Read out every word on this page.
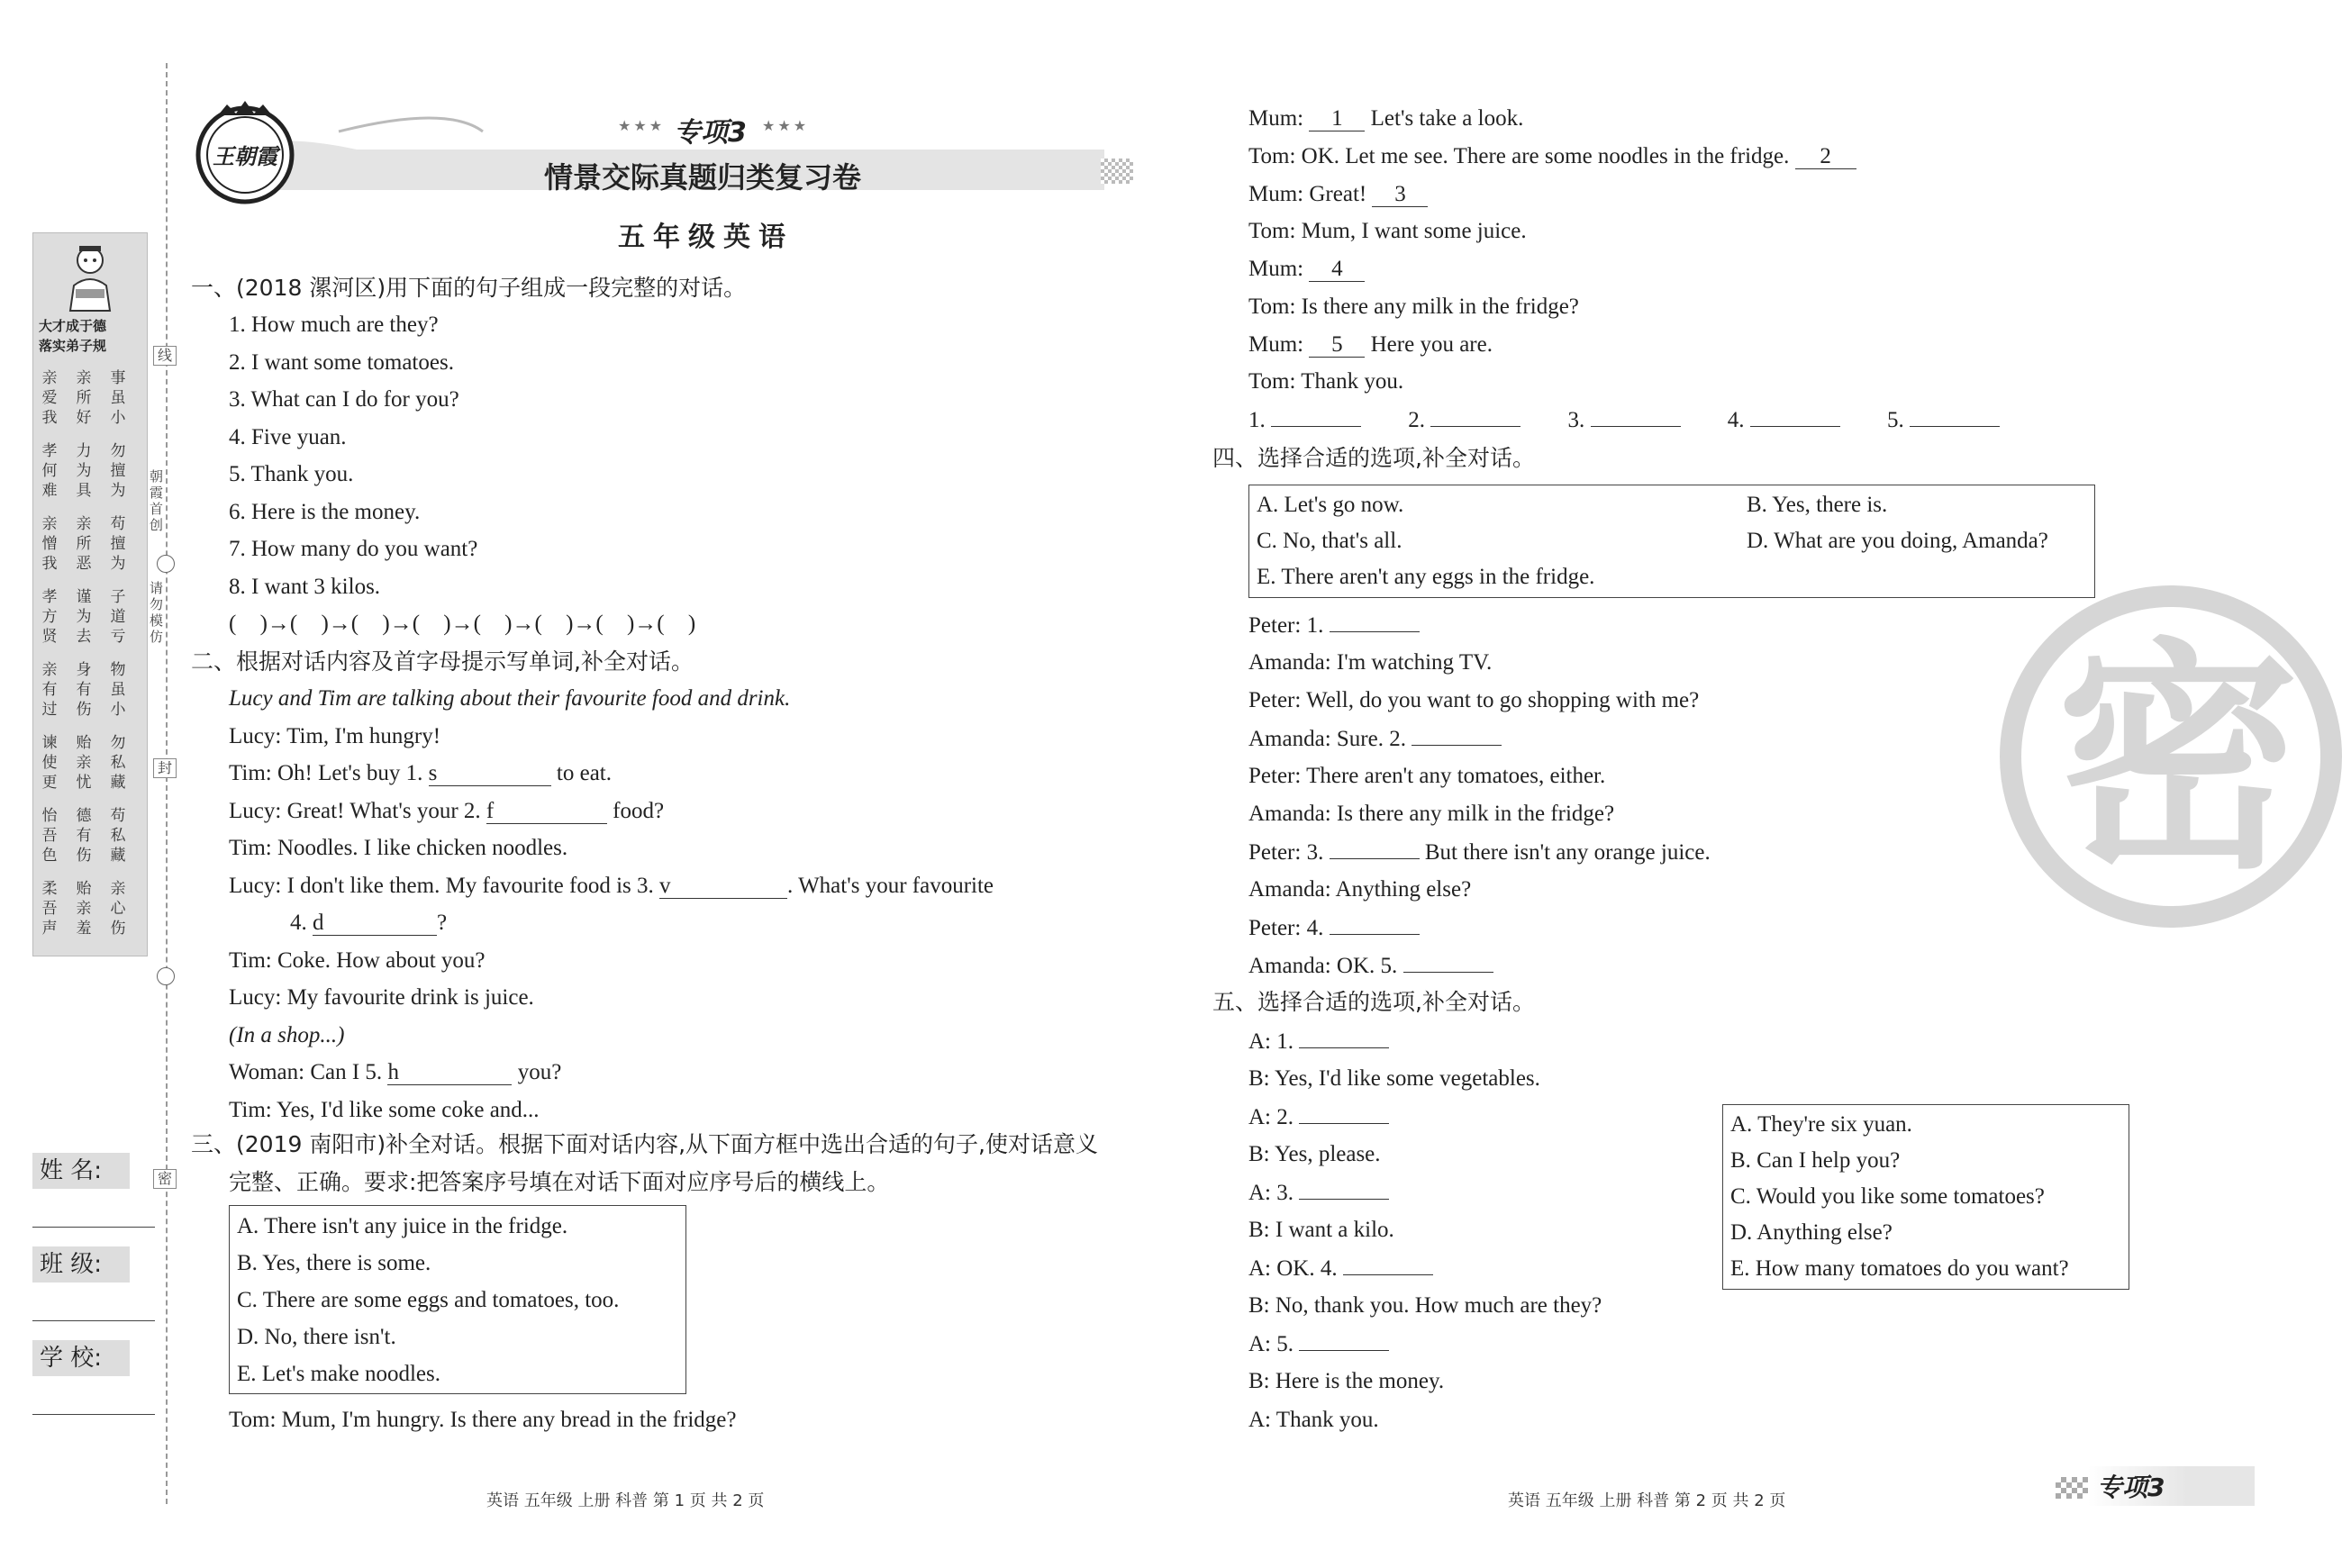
大才成于德
落实弟子规
亲爱我
亲所好
事虽小
孝何难
力为具
勿擅为
亲憎我
亲所恶
苟擅为
孝方贤
谨为去
子道亏
亲有过
身有伤
物虽小
谏使更
贻亲忧
勿私藏
怡吾色
德有伤
苟私藏
柔吾声
贻亲羞
亲心伤
线
封
密
朝霞首创
请勿模仿
姓 名:
班 级:
学 校:
王朝霞
★★★ 专项3 ★★★
情景交际真题归类复习卷
五年级英语
一、(2018 漯河区)用下面的句子组成一段完整的对话。
1. How much are they?
2. I want some tomatoes.
3. What can I do for you?
4. Five yuan.
5. Thank you.
6. Here is the money.
7. How many do you want?
8. I want 3 kilos.
( )→( )→( )→( )→( )→( )→( )→( )
二、根据对话内容及首字母提示写单词,补全对话。
Lucy and Tim are talking about their favourite food and drink.
Lucy: Tim, I'm hungry!
Tim: Oh! Let's buy 1. s	to eat.
Lucy: Great! What's your 2. f	food?
Tim: Noodles. I like chicken noodles.
Lucy: I don't like them. My favourite food is 3. v	. What's your favourite
4. d	?
Tim: Coke. How about you?
Lucy: My favourite drink is juice.
(In a shop...)
Woman: Can I 5. h	you?
Tim: Yes, I'd like some coke and...
三、(2019 南阳市)补全对话。根据下面对话内容,从下面方框中选出合适的句子,使对话意义
完整、正确。要求:把答案序号填在对话下面对应序号后的横线上。
A. There isn't any juice in the fridge.
B. Yes, there is some.
C. There are some eggs and tomatoes, too.
D. No, there isn't.
E. Let's make noodles.
Tom: Mum, I'm hungry. Is there any bread in the fridge?
Mum: 1 Let's take a look.
Tom: OK. Let me see. There are some noodles in the fridge. 2
Mum: Great! 3
Tom: Mum, I want some juice.
Mum: 4
Tom: Is there any milk in the fridge?
Mum: 5 Here you are.
Tom: Thank you.
1.	2.	3.	4.	5.
四、选择合适的选项,补全对话。
A. Let's go now.	B. Yes, there is.
C. No, that's all.	D. What are you doing, Amanda?
E. There aren't any eggs in the fridge.
Peter: 1.
Amanda: I'm watching TV.
Peter: Well, do you want to go shopping with me?
Amanda: Sure. 2.
Peter: There aren't any tomatoes, either.
Amanda: Is there any milk in the fridge?
Peter: 3.	But there isn't any orange juice.
Amanda: Anything else?
Peter: 4.
Amanda: OK. 5.
五、选择合适的选项,补全对话。
A: 1.
B: Yes, I'd like some vegetables.
A: 2.
B: Yes, please.
A: 3.
B: I want a kilo.
A: OK. 4.
B: No, thank you. How much are they?
A: 5.
B: Here is the money.
A: Thank you.
A. They're six yuan.
B. Can I help you?
C. Would you like some tomatoes?
D. Anything else?
E. How many tomatoes do you want?
密
英语 五年级 上册 科普 第 1 页 共 2 页	英语 五年级 上册 科普 第 2 页 共 2 页	专项3
